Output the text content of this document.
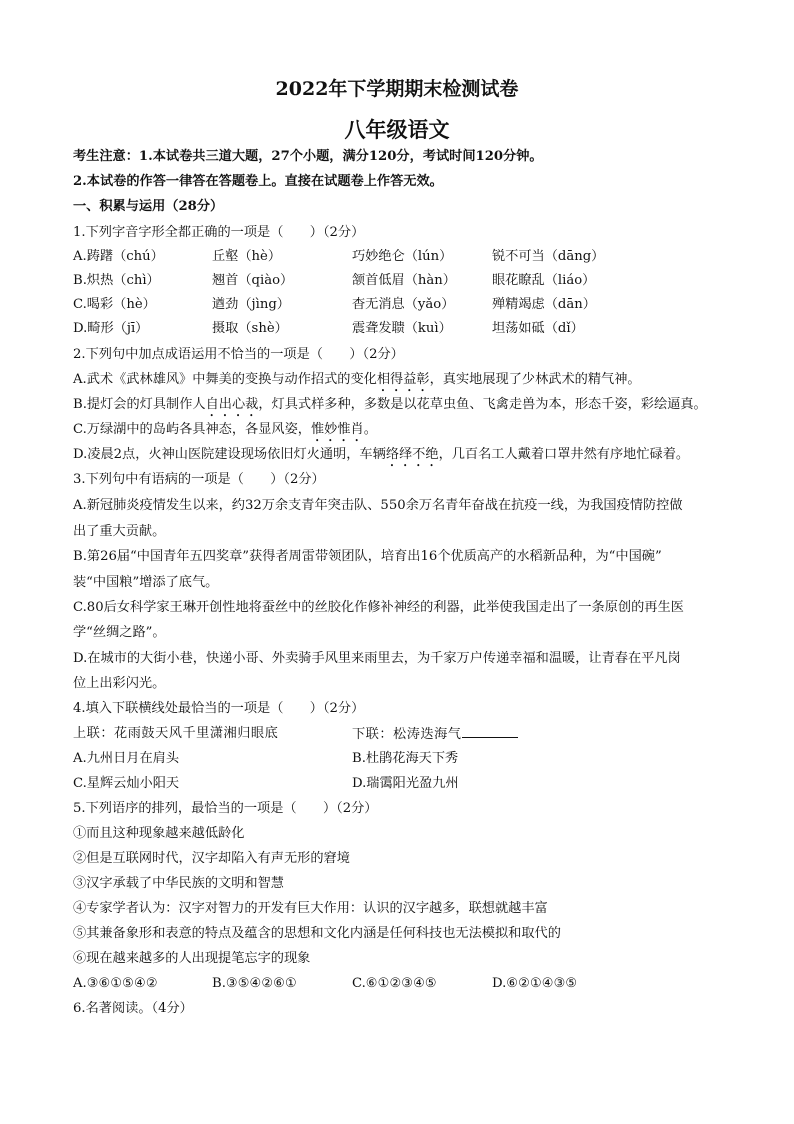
2022年下学期期末检测试卷
八年级语文
考生注意：1.本试卷共三道大题，27个小题，满分120分，考试时间120分钟。
2.本试卷的作答一律答在答题卷上。直接在试题卷上作答无效。
一、积累与运用（28分）
1.下列字音字形全都正确的一项是（　　）（2分）
A.踌躇（chú）	丘壑（hè）	巧妙绝仑（lún）	锐不可当（dāng）
B.炽热（chì）	翘首（qiào）	颔首低眉（hàn）	眼花瞭乱（liáo）
C.喝彩（hè）	遒劲（jìng）	杳无消息（yǎo）	殚精竭虑（dān）
D.畸形（jī）	摄取（shè）	震聋发聩（kuì）	坦荡如砥（dǐ）
2.下列句中加点成语运用不恰当的一项是（　　）（2分）
A.武术《武林雄风》中舞美的变换与动作招式的变化相得益彰，真实地展现了少林武术的精气神。
B.提灯会的灯具制作人自出心裁，灯具式样多种，多数是以花草虫鱼、飞禽走兽为本，形态千姿，彩绘逼真。
C.万绿湖中的岛屿各具神态，各显风姿，惟妙惟肖。
D.凌晨2点，火神山医院建设现场依旧灯火通明，车辆络绎不绝，几百名工人戴着口罩井然有序地忙碌着。
3.下列句中有语病的一项是（　　）（2分）
A.新冠肺炎疫情发生以来，约32万余支青年突击队、550余万名青年奋战在抗疫一线，为我国疫情防控做
出了重大贡献。
B.第26届“中国青年五四奖章”获得者周雷带领团队，培育出16个优质高产的水稻新品种，为“中国碗”
装“中国粮”增添了底气。
C.80后女科学家王琳开创性地将蚕丝中的丝胶化作修补神经的利器，此举使我国走出了一条原创的再生医
学“丝绸之路”。
D.在城市的大街小巷，快递小哥、外卖骑手风里来雨里去，为千家万户传递幸福和温暖，让青春在平凡岗
位上出彩闪光。
4.填入下联横线处最恰当的一项是（　　）（2分）
上联：花雨鼓天风千里潇湘归眼底	下联：松涛迭海气
A.九州日月在肩头	B.杜鹃花海天下秀
C.星辉云灿小阳天	D.瑞霭阳光盈九州
5.下列语序的排列，最恰当的一项是（　　）（2分）
①而且这种现象越来越低龄化
②但是互联网时代，汉字却陷入有声无形的窘境
③汉字承载了中华民族的文明和智慧
④专家学者认为：汉字对智力的开发有巨大作用：认识的汉字越多，联想就越丰富
⑤其兼备象形和表意的特点及蕴含的思想和文化内涵是任何科技也无法模拟和取代的
⑥现在越来越多的人出现提笔忘字的现象
A.③⑥①⑤④②	B.③⑤④②⑥①	C.⑥①②③④⑤	D.⑥②①④③⑤
6.名著阅读。（4分）
